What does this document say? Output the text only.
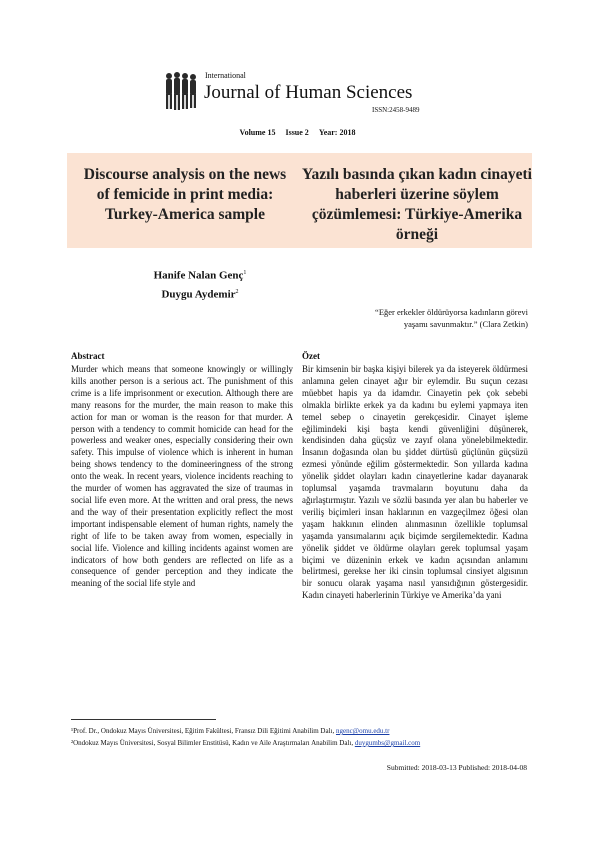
International
Journal of Human Sciences
ISSN:2458-9489
Volume 15 Issue 2 Year: 2018
Discourse analysis on the news of femicide in print media: Turkey-America sample
Yazılı basında çıkan kadın cinayeti haberleri üzerine söylem çözümlemesi: Türkiye-Amerika örneği
Hanife Nalan Genç$^1$
Duygu Aydemir$^2$
“Eğer erkekler öldürüyorsa kadınların görevi
yaşamı savunmaktır.” (Clara Zetkin)
Abstract
Murder which means that someone knowingly or willingly kills another person is a serious act. The punishment of this crime is a life imprisonment or execution. Although there are many reasons for the murder, the main reason to make this action for man or woman is the reason for that murder. A person with a tendency to commit homicide can head for the powerless and weaker ones, especially considering their own safety. This impulse of violence which is inherent in human being shows tendency to the domineeringness of the strong onto the weak. In recent years, violence incidents reaching to the murder of women has aggravated the size of traumas in social life even more. At the written and oral press, the news and the way of their presentation explicitly reflect the most important indispensable element of human rights, namely the right of life to be taken away from women, especially in social life. Violence and killing incidents against women are indicators of how both genders are reflected on life as a consequence of gender perception and they indicate the meaning of the social life style and
Özet
Bir kimsenin bir başka kişiyi bilerek ya da isteyerek öldürmesi anlamına gelen cinayet ağır bir eylemdir. Bu suçun cezası müebbet hapis ya da idamdır. Cinayetin pek çok sebebi olmakla birlikte erkek ya da kadını bu eylemi yapmaya iten temel sebep o cinayetin gerekçesidir. Cinayet işleme eğilimindeki kişi başta kendi güvenliğini düşünerek, kendisinden daha güçsüz ve zayıf olana yönelebilmektedir. İnsanın doğasında olan bu şiddet dürtüsü güçlünün güçsüzü ezmesi yönünde eğilim göstermektedir. Son yıllarda kadına yönelik şiddet olayları kadın cinayetlerine kadar dayanarak toplumsal yaşamda travmaların boyutunu daha da ağırlaştırmıştır. Yazılı ve sözlü basında yer alan bu haberler ve veriliş biçimleri insan haklarının en vazgeçilmez öğesi olan yaşam hakkının elinden alınmasının özellikle toplumsal yaşamda yansımalarını açık biçimde sergilemektedir. Kadına yönelik şiddet ve öldürme olayları gerek toplumsal yaşam biçimi ve düzeninin erkek ve kadın açısından anlamını belirtmesi, gerekse her iki cinsin toplumsal cinsiyet algısının bir sonucu olarak yaşama nasıl yansıdığının göstergesidir. Kadın cinayeti haberlerinin Türkiye ve Amerika’da yani
¹Prof. Dr., Ondokuz Mayıs Üniversitesi, Eğitim Fakültesi, Fransız Dili Eğitimi Anabilim Dalı, ngenc@omu.edu.tr
²Ondokuz Mayıs Üniversitesi, Sosyal Bilimler Enstitüsü, Kadın ve Aile Araştırmaları Anabilim Dalı, duygumbs@gmail.com
Submitted: 2018-03-13 Published: 2018-04-08
